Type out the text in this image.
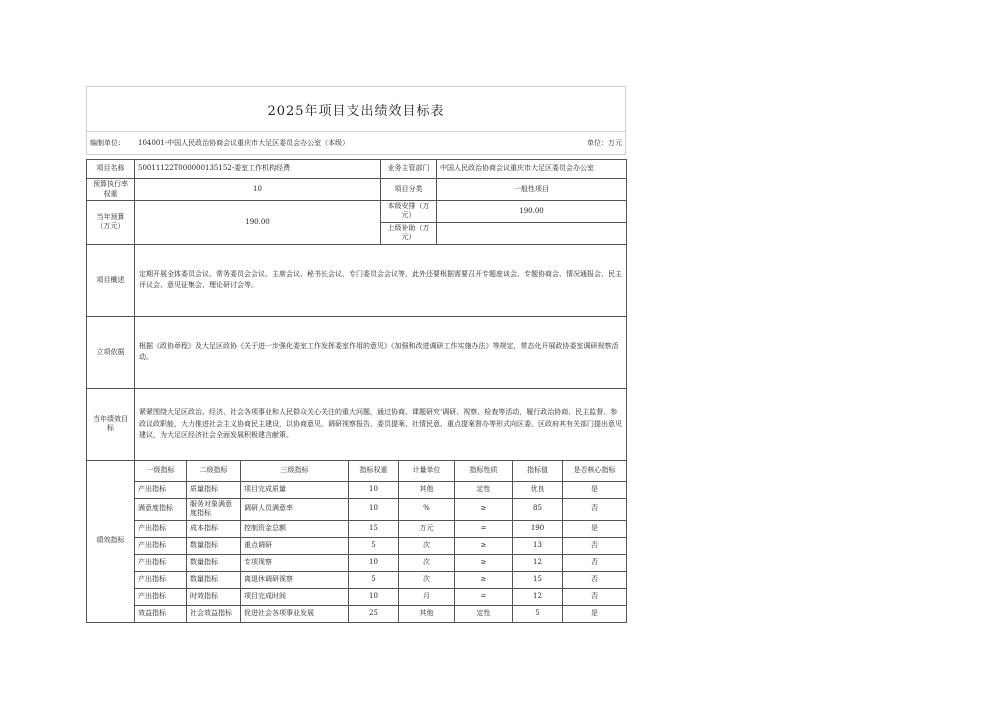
2025年项目支出绩效目标表
编制单位:	104001-中国人民政治协商会议重庆市大足区委员会办公室（本级）	单位：万元
项目名称	50011122T000000135152-委室工作机构经费	业务主管部门	中国人民政治协商会议重庆市大足区委员会办公室
预算执行率权重	10	项目分类	一般性项目
当年预算（万元）	190.00	本级安排（万元）	190.00
		上级补助（万元）	
项目概述	定期开展全体委员会议、常务委员会会议、主席会议、秘书长会议、专门委员会会议等，此外还要根据需要召开专题座谈会、专题协商会、情况通报会、民主评议会、意见征集会、理论研讨会等。		
立项依据	根据《政协章程》及大足区政协《关于进一步强化委室工作发挥委室作用的意见》《加强和改进调研工作实施办法》等规定，常态化开展政协委室调研视察活动。		
当年绩效目标	紧紧围绕大足区政治、经济、社会各项事业和人民群众关心关注的重大问题，通过协商、课题研究‘调研、视察、检查等活动，履行政治协商、民主监督、参政议政职能，大力推进社会主义协商民主建设，以协商意见，调研视察报告、委员提案、社情民意、重点提案督办等形式向区委、区政府其有关部门提出意见建议，为大足区经济社会全面发展积极建言献策。		
绩效指标	一级指标	二级指标	三级指标	指标权重	计量单位	指标性质	指标值	是否核心指标
	产出指标	质量指标	项目完成质量	10	其他	定性	优良	是
	满意度指标	服务对象满意度指标	调研人员满意率	10	%	≥	85	否
	产出指标	成本指标	控制资金总额	15	万元	=	190	是
	产出指标	数量指标	重点调研	5	次	≥	13	否
	产出指标	数量指标	专项视察	10	次	≥	12	否
	产出指标	数量指标	离退休调研视察	5	次	≥	15	否
	产出指标	时效指标	项目完成时间	10	月	=	12	否
	效益指标	社会效益指标	促进社会各项事业发展	25	其他	定性	5	是
